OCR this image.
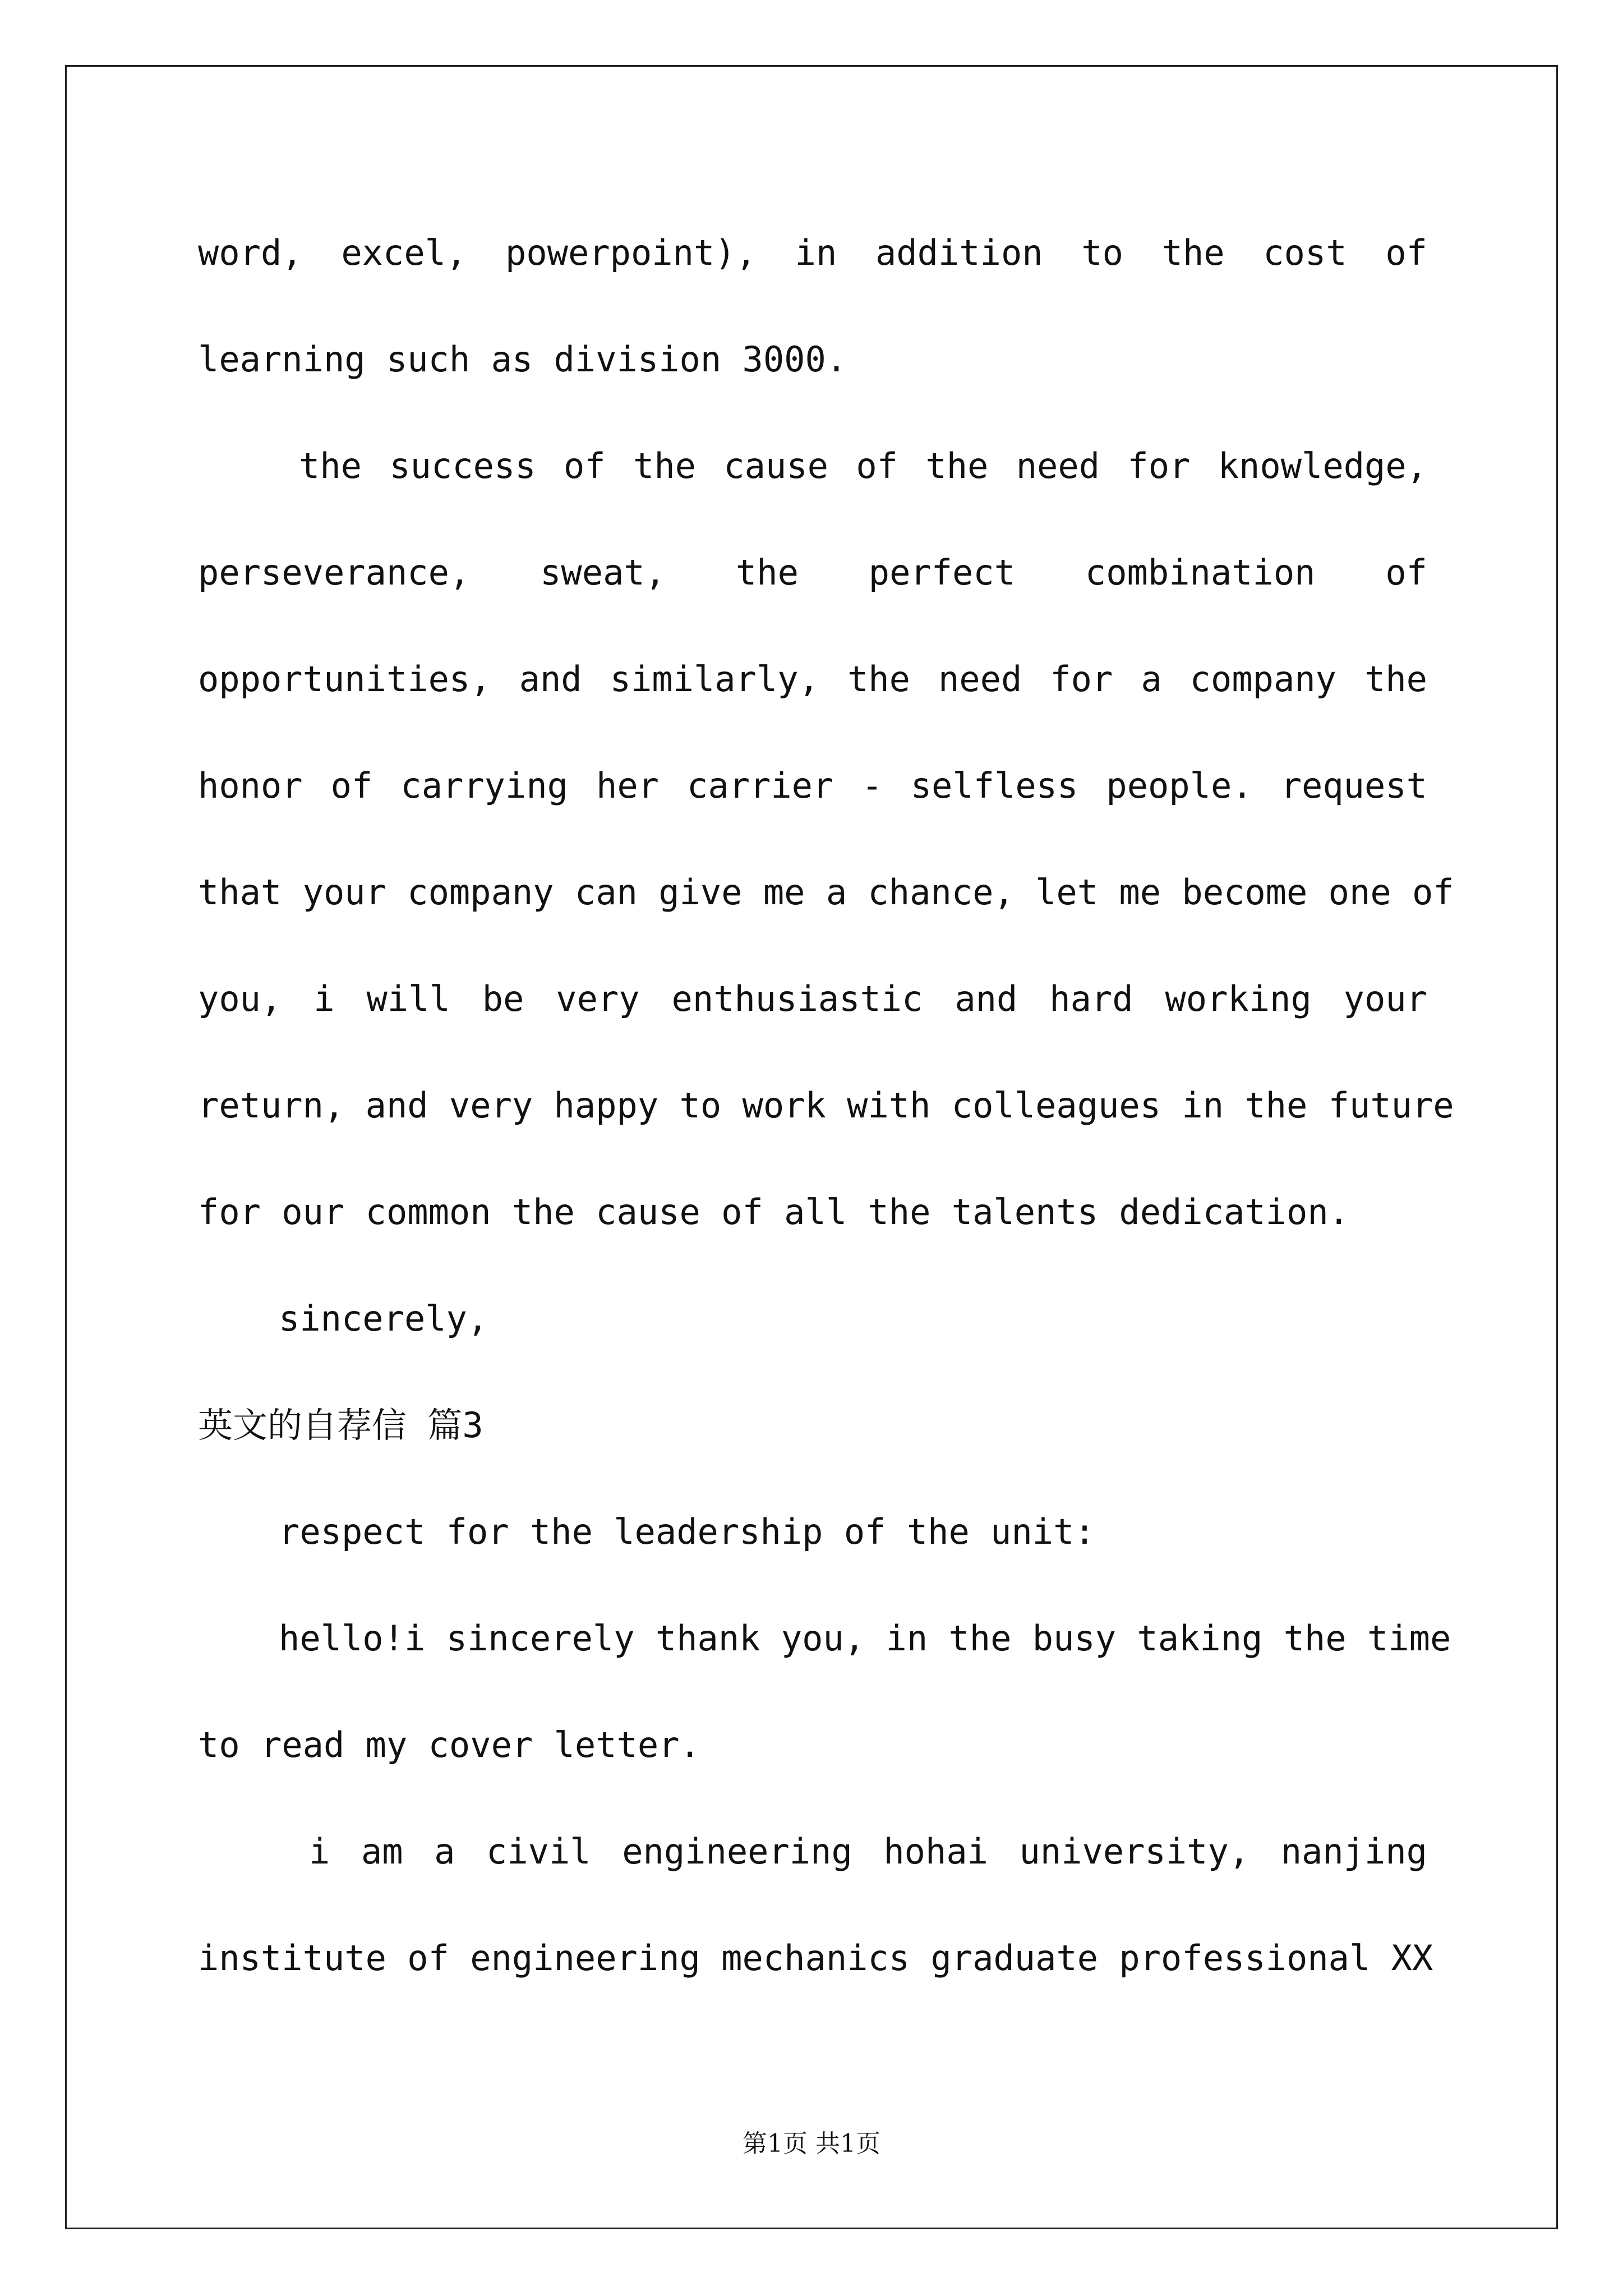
word, excel, powerpoint), in addition to the cost of
learning such as division 3000.
the success of the cause of the need for knowledge,
perseverance, sweat, the perfect combination of
opportunities, and similarly, the need for a company the
honor of carrying her carrier - selfless people. request
that your company can give me a chance, let me become one of
you, i will be very enthusiastic and hard working your
return, and very happy to work with colleagues in the future
for our common the cause of all the talents dedication.
sincerely,
英文的自荐信 篇3
respect for the leadership of the unit:
hello!i sincerely thank you, in the busy taking the time
to read my cover letter.
i am a civil engineering hohai university, nanjing
institute of engineering mechanics graduate professional XX
第1页 共1页
